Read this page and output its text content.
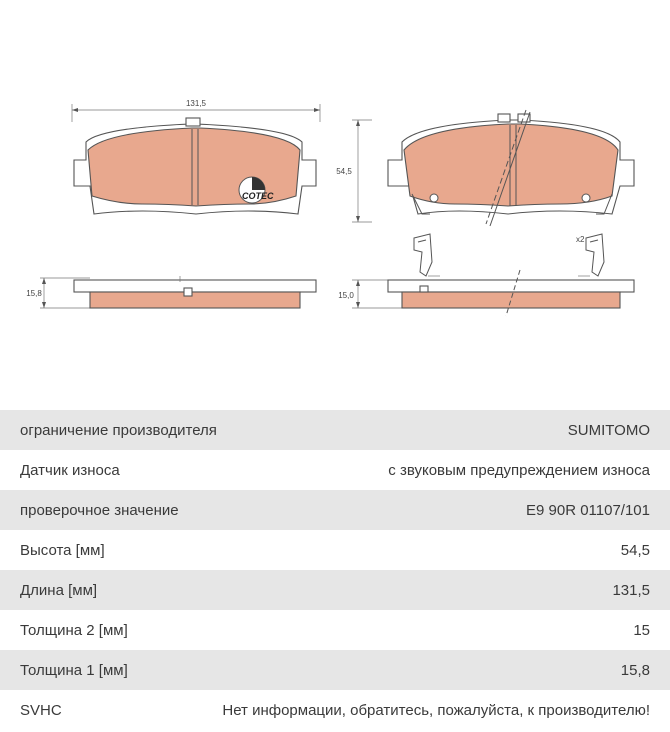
131,5
COTEC
54,5
x2
15,8	15,0
ограничение производителя	SUMITOMO
Датчик износа	с звуковым предупреждением износа
проверочное значение	E9 90R 01107/101
Высота [мм]	54,5
Длина [мм]	131,5
Толщина 2 [мм]	15
Толщина 1 [мм]	15,8
SVHC	Нет информации, обратитесь, пожалуйста, к производителю!
